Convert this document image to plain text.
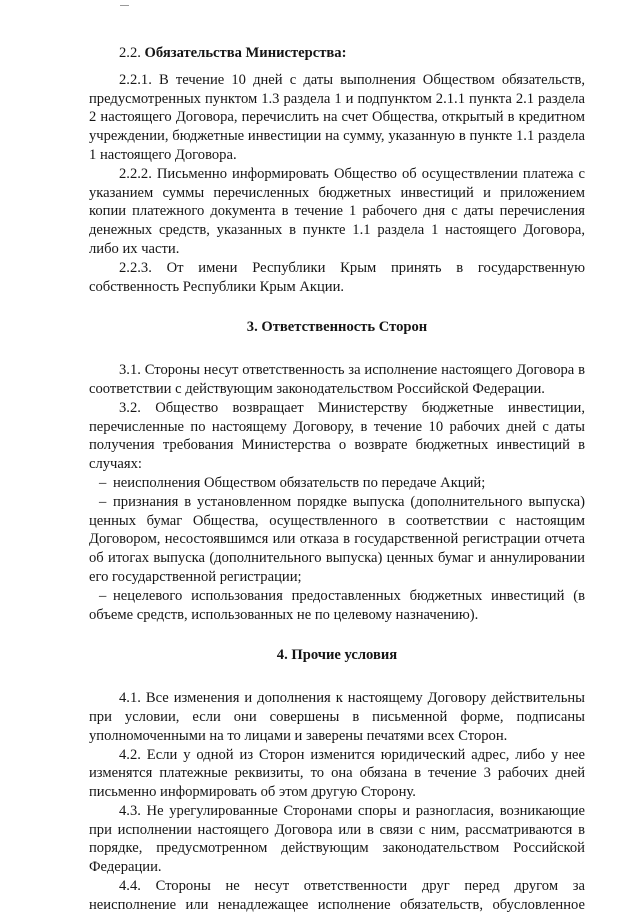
2.2. Обязательства Министерства:

2.2.1. В течение 10 дней с даты выполнения Обществом обязательств, предусмотренных пунктом 1.3 раздела 1 и подпунктом 2.1.1 пункта 2.1 раздела 2 настоящего Договора, перечислить на счет Общества, открытый в кредитном учреждении, бюджетные инвестиции на сумму, указанную в пункте 1.1 раздела 1 настоящего Договора.

2.2.2. Письменно информировать Общество об осуществлении платежа с указанием суммы перечисленных бюджетных инвестиций и приложением копии платежного документа в течение 1 рабочего дня с даты перечисления денежных средств, указанных в пункте 1.1 раздела 1 настоящего Договора, либо их части.

2.2.3. От имени Республики Крым принять в государственную собственность Республики Крым Акции.

3. Ответственность Сторон

3.1. Стороны несут ответственность за исполнение настоящего Договора в соответствии с действующим законодательством Российской Федерации.

3.2. Общество возвращает Министерству бюджетные инвестиции, перечисленные по настоящему Договору, в течение 10 рабочих дней с даты получения требования Министерства о возврате бюджетных инвестиций в случаях:

– неисполнения Обществом обязательств по передаче Акций;

– признания в установленном порядке выпуска (дополнительного выпуска) ценных бумаг Общества, осуществленного в соответствии с настоящим Договором, несостоявшимся или отказа в государственной регистрации отчета об итогах выпуска (дополнительного выпуска) ценных бумаг и аннулировании его государственной регистрации;

– нецелевого использования предоставленных бюджетных инвестиций (в объеме средств, использованных не по целевому назначению).

4. Прочие условия

4.1. Все изменения и дополнения к настоящему Договору действительны при условии, если они совершены в письменной форме, подписаны уполномоченными на то лицами и заверены печатями всех Сторон.

4.2. Если у одной из Сторон изменится юридический адрес, либо у нее изменятся платежные реквизиты, то она обязана в течение 3 рабочих дней письменно информировать об этом другую Сторону.

4.3. Не урегулированные Сторонами споры и разногласия, возникающие при исполнении настоящего Договора или в связи с ним, рассматриваются в порядке, предусмотренном действующим законодательством Российской Федерации.

4.4. Стороны не несут ответственности друг перед другом за неисполнение или ненадлежащее исполнение обязательств, обусловленное
